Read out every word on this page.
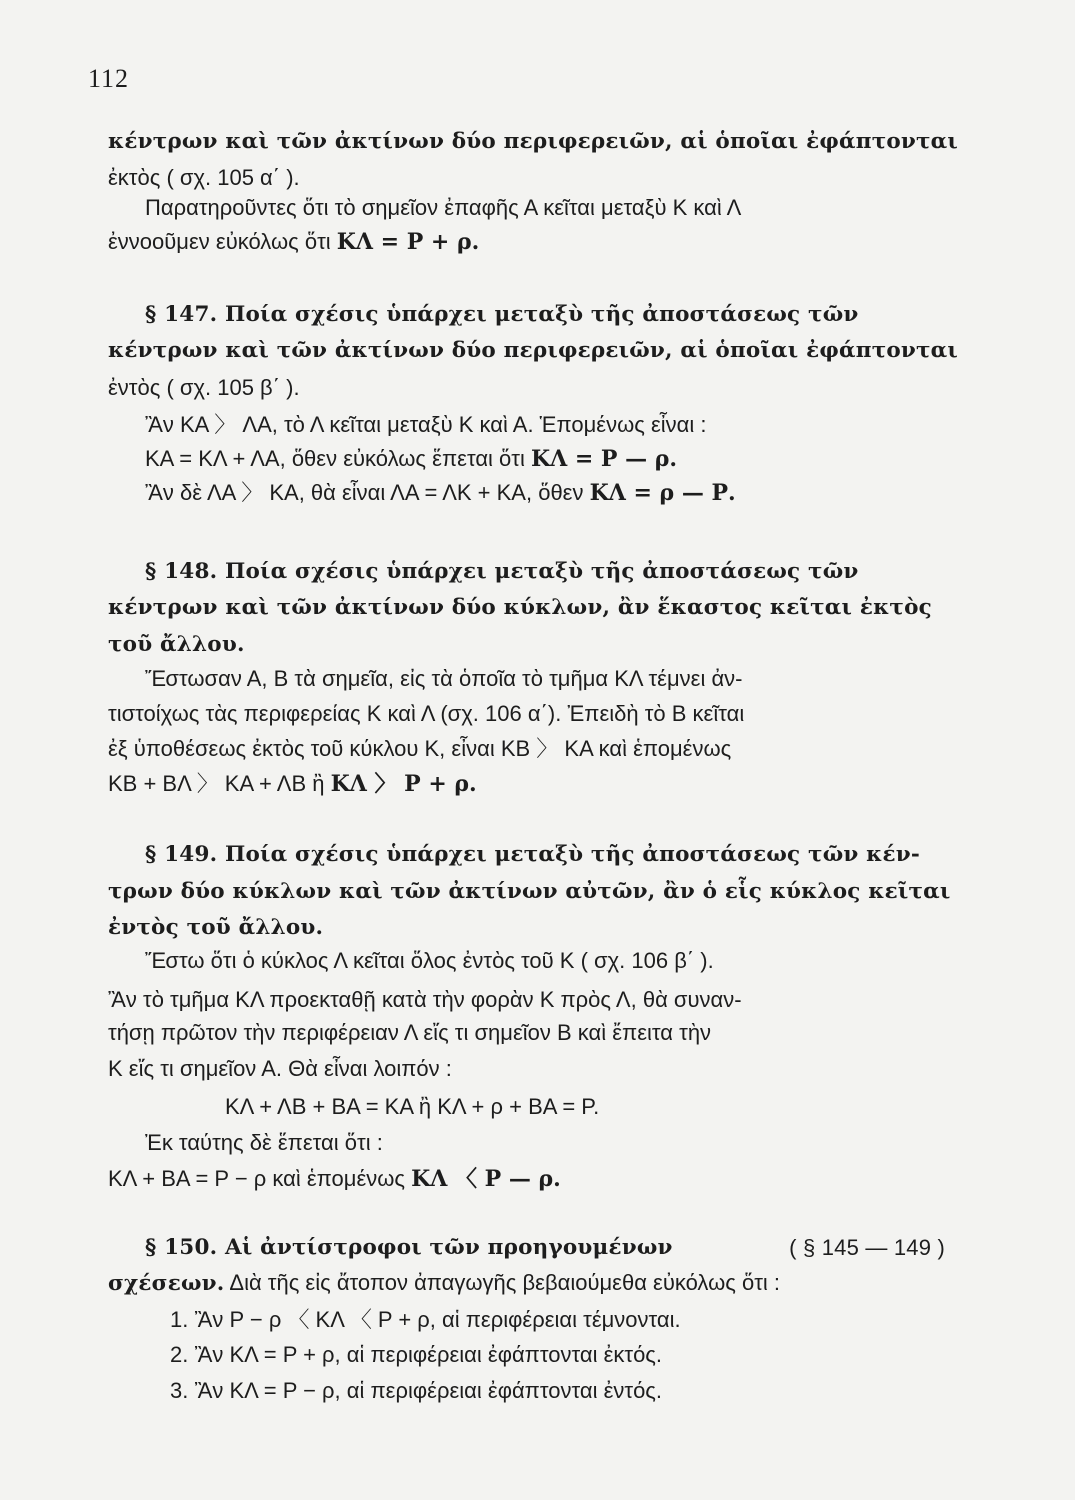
112
κέντρων καὶ τῶν ἀκτίνων δύο περιφερειῶν, αἱ ὁποῖαι ἐφάπτονται
ἐκτὸς ( σχ. 105 α΄ ).
Παρατηροῦντες ὅτι τὸ σημεῖον ἐπαφῆς Α κεῖται μεταξὺ Κ καὶ Λ
ἐννοοῦμεν εὐκόλως ὅτι ΚΛ = Ρ + ρ.
§ 147. Ποία σχέσις ὑπάρχει μεταξὺ τῆς ἀποστάσεως τῶν
κέντρων καὶ τῶν ἀκτίνων δύο περιφερειῶν, αἱ ὁποῖαι ἐφάπτονται
ἐντὸς ( σχ. 105 β΄ ).
Ἂν ΚΑ 〉 ΛΑ, τὸ Λ κεῖται μεταξὺ Κ καὶ Α. Ἑπομένως εἶναι :
ΚΑ = ΚΛ + ΛΑ, ὅθεν εὐκόλως ἕπεται ὅτι ΚΛ = Ρ — ρ.
Ἂν δὲ ΛΑ 〉 ΚΑ, θὰ εἶναι ΛΑ = ΛΚ + ΚΑ, ὅθεν ΚΛ = ρ — Ρ.
§ 148. Ποία σχέσις ὑπάρχει μεταξὺ τῆς ἀποστάσεως τῶν
κέντρων καὶ τῶν ἀκτίνων δύο κύκλων, ἂν ἕκαστος κεῖται ἐκτὸς
τοῦ ἄλλου.
Ἔστωσαν Α, Β τὰ σημεῖα, εἰς τὰ ὁποῖα τὸ τμῆμα ΚΛ τέμνει ἀν-
τιστοίχως τὰς περιφερείας Κ καὶ Λ (σχ. 106 α΄). Ἐπειδὴ τὸ Β κεῖται
ἐξ ὑποθέσεως ἐκτὸς τοῦ κύκλου Κ, εἶναι ΚΒ 〉 ΚΑ καὶ ἑπομένως
ΚΒ + ΒΛ 〉 ΚΑ + ΛΒ ἢ ΚΛ 〉 Ρ + ρ.
§ 149. Ποία σχέσις ὑπάρχει μεταξὺ τῆς ἀποστάσεως τῶν κέν-
τρων δύο κύκλων καὶ τῶν ἀκτίνων αὐτῶν, ἂν ὁ εἷς κύκλος κεῖται
ἐντὸς τοῦ ἄλλου.
Ἔστω ὅτι ὁ κύκλος Λ κεῖται ὅλος ἐντὸς τοῦ Κ ( σχ. 106 β΄ ).
Ἂν τὸ τμῆμα ΚΛ προεκταθῇ κατὰ τὴν φορὰν Κ πρὸς Λ, θὰ συναν-
τήσῃ πρῶτον τὴν περιφέρειαν Λ εἴς τι σημεῖον Β καὶ ἔπειτα τὴν
Κ εἴς τι σημεῖον Α. Θὰ εἶναι λοιπόν :
ΚΛ + ΛΒ + ΒΑ = ΚΑ ἢ ΚΛ + ρ + ΒΑ = Ρ.
Ἐκ ταύτης δὲ ἕπεται ὅτι :
ΚΛ + ΒΑ = Ρ − ρ καὶ ἑπομένως ΚΛ 〈 Ρ — ρ.
§ 150. Αἱ ἀντίστροφοι τῶν προηγουμένων	( § 145 — 149 )
σχέσεων. Διὰ τῆς εἰς ἄτοπον ἀπαγωγῆς βεβαιούμεθα εὐκόλως ὅτι :
1. Ἂν Ρ − ρ 〈 ΚΛ 〈 Ρ + ρ, αἱ περιφέρειαι τέμνονται.
2. Ἂν ΚΛ = Ρ + ρ, αἱ περιφέρειαι ἐφάπτονται ἐκτός.
3. Ἂν ΚΛ = Ρ − ρ, αἱ περιφέρειαι ἐφάπτονται ἐντός.
